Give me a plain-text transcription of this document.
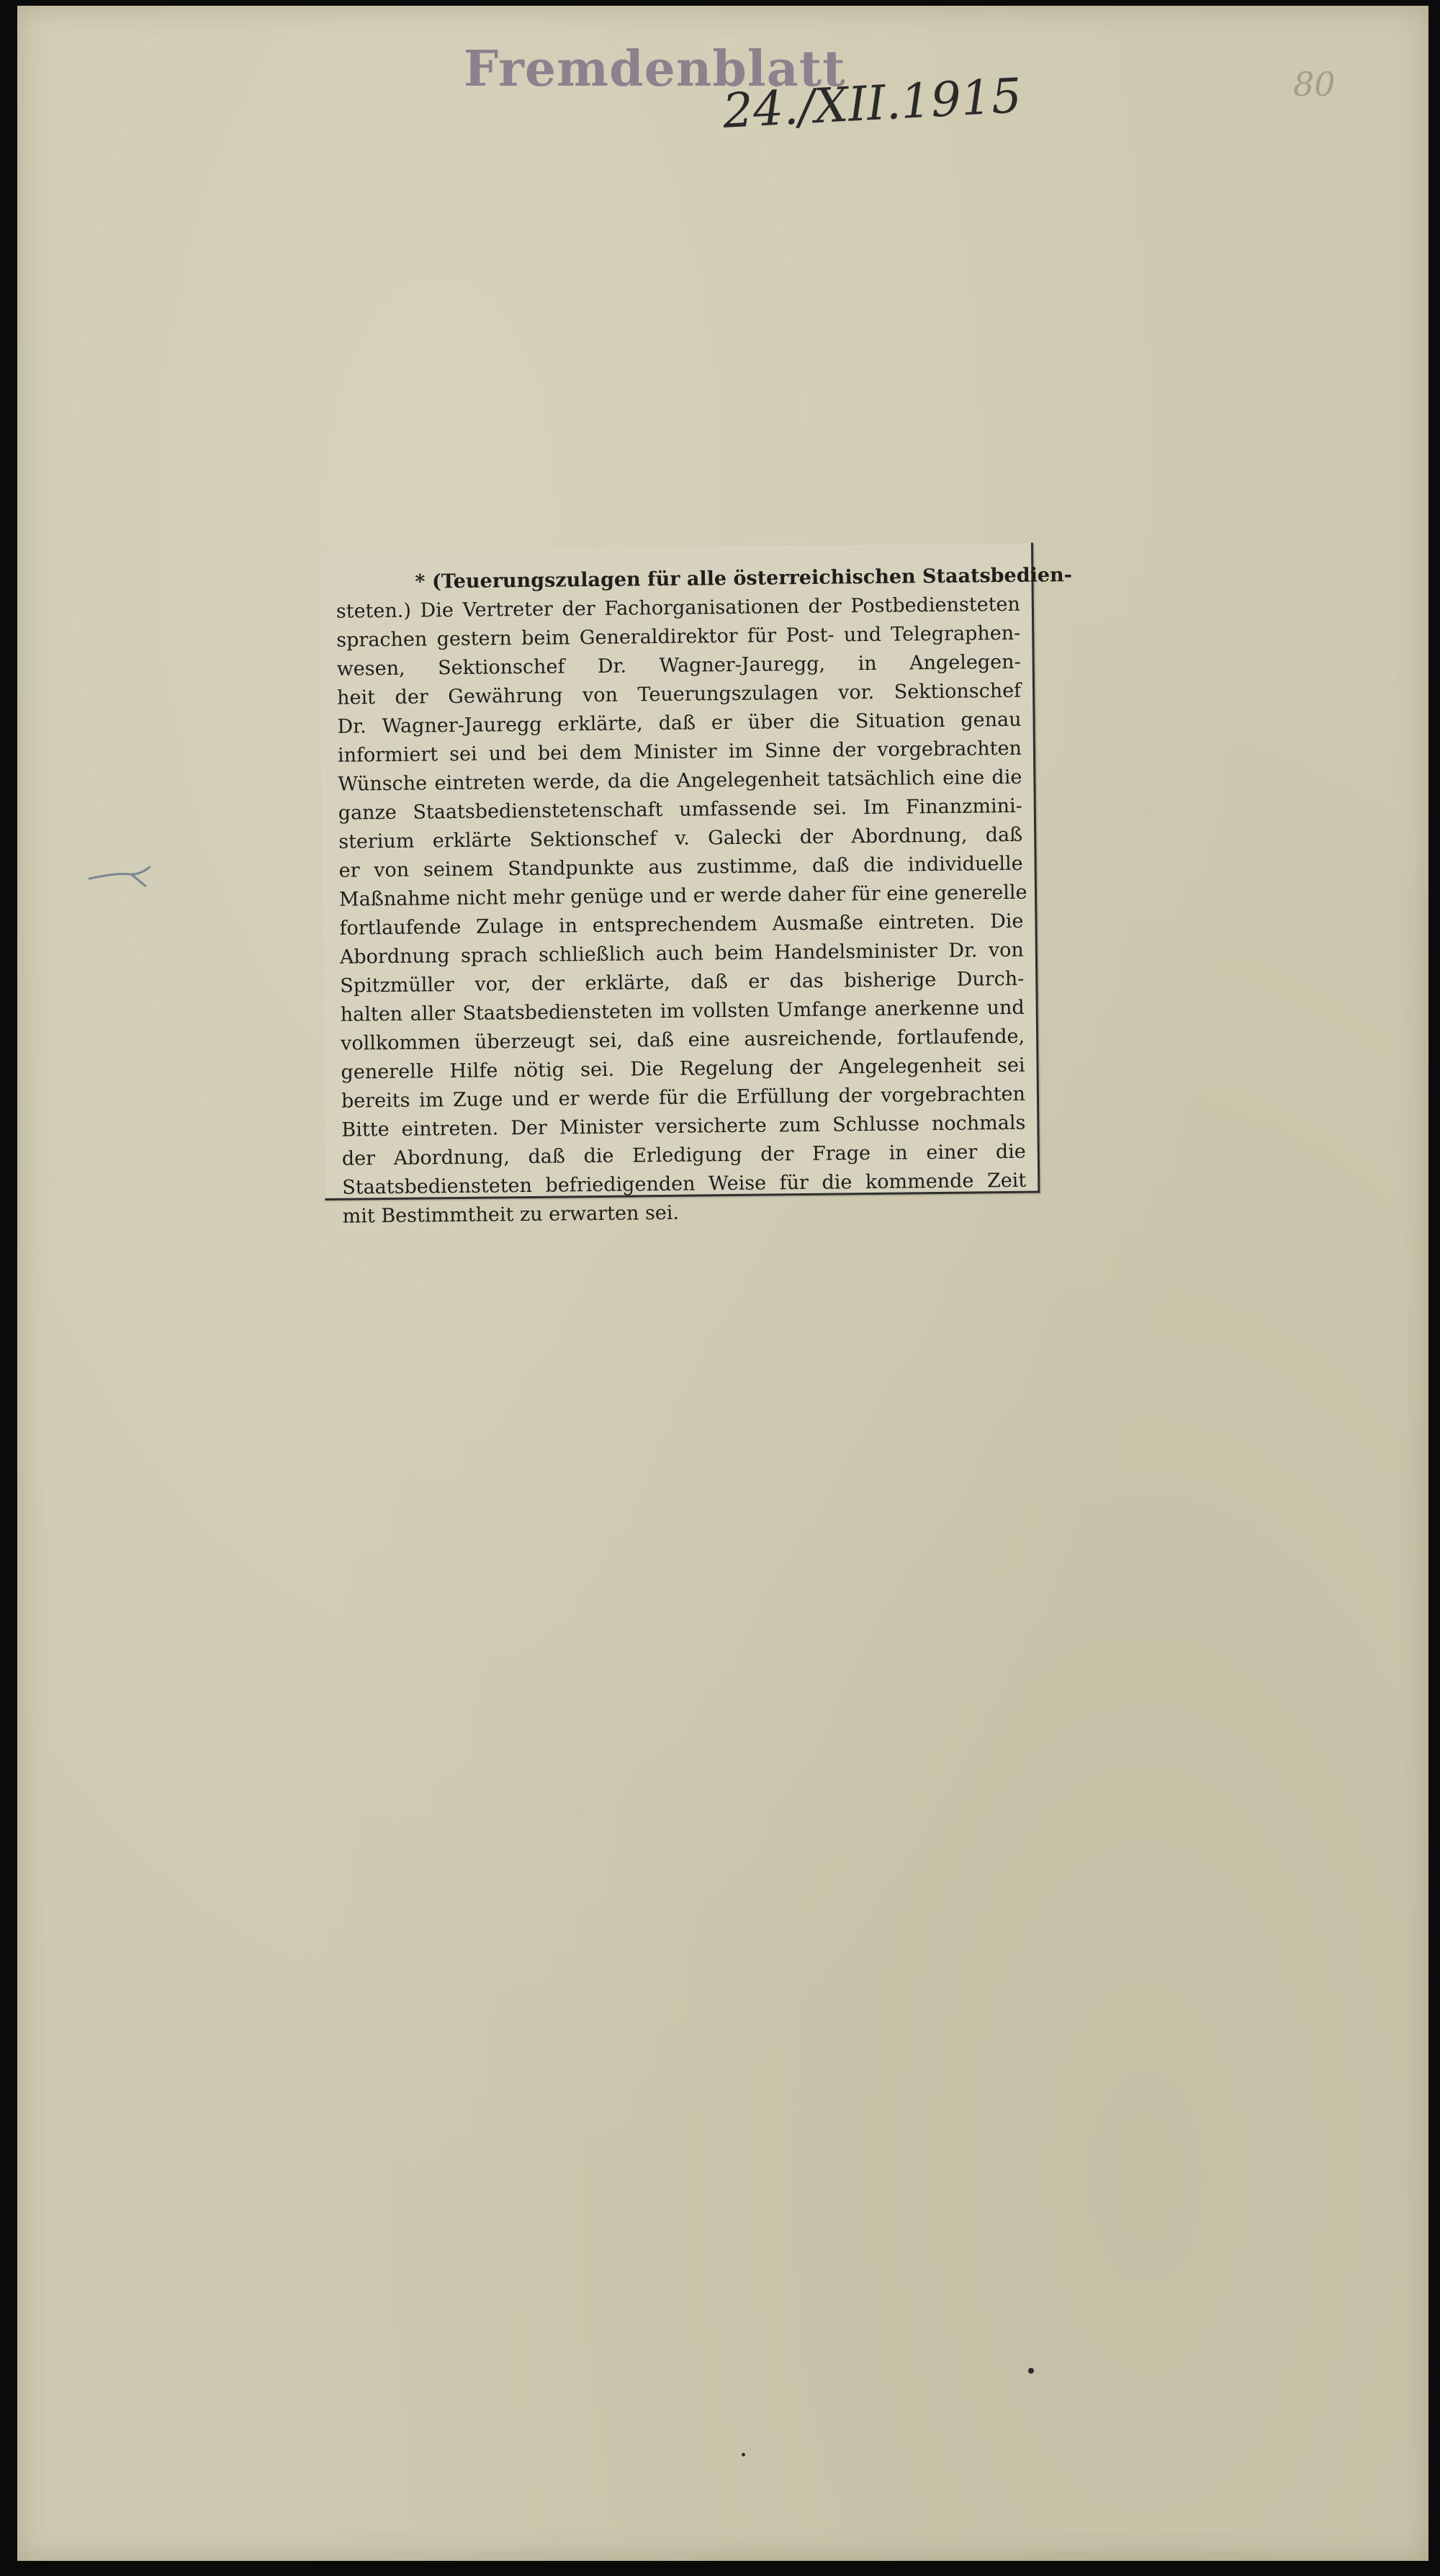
Fremdenblatt
24./XII.1915	80
* (Teuerungszulagen für alle österreichischen Staatsbedien-
steten.) Die Vertreter der Fachorganisationen der Postbediensteten
sprachen gestern beim Generaldirektor für Post- und Telegraphen-
wesen, Sektionschef Dr. Wagner-Jauregg, in Angelegen-
heit der Gewährung von Teuerungszulagen vor. Sektionschef
Dr. Wagner-Jauregg erklärte, daß er über die Situation genau
informiert sei und bei dem Minister im Sinne der vorgebrachten
Wünsche eintreten werde, da die Angelegenheit tatsächlich eine die
ganze Staatsbedienstetenschaft umfassende sei. Im Finanzmini-
sterium erklärte Sektionschef v. Galecki der Abordnung, daß
er von seinem Standpunkte aus zustimme, daß die individuelle
Maßnahme nicht mehr genüge und er werde daher für eine generelle
fortlaufende Zulage in entsprechendem Ausmaße eintreten. Die
Abordnung sprach schließlich auch beim Handelsminister Dr. von
Spitzmüller vor, der erklärte, daß er das bisherige Durch-
halten aller Staatsbediensteten im vollsten Umfange anerkenne und
vollkommen überzeugt sei, daß eine ausreichende, fortlaufende,
generelle Hilfe nötig sei. Die Regelung der Angelegenheit sei
bereits im Zuge und er werde für die Erfüllung der vorgebrachten
Bitte eintreten. Der Minister versicherte zum Schlusse nochmals
der Abordnung, daß die Erledigung der Frage in einer die
Staatsbediensteten befriedigenden Weise für die kommende Zeit
mit Bestimmtheit zu erwarten sei.
